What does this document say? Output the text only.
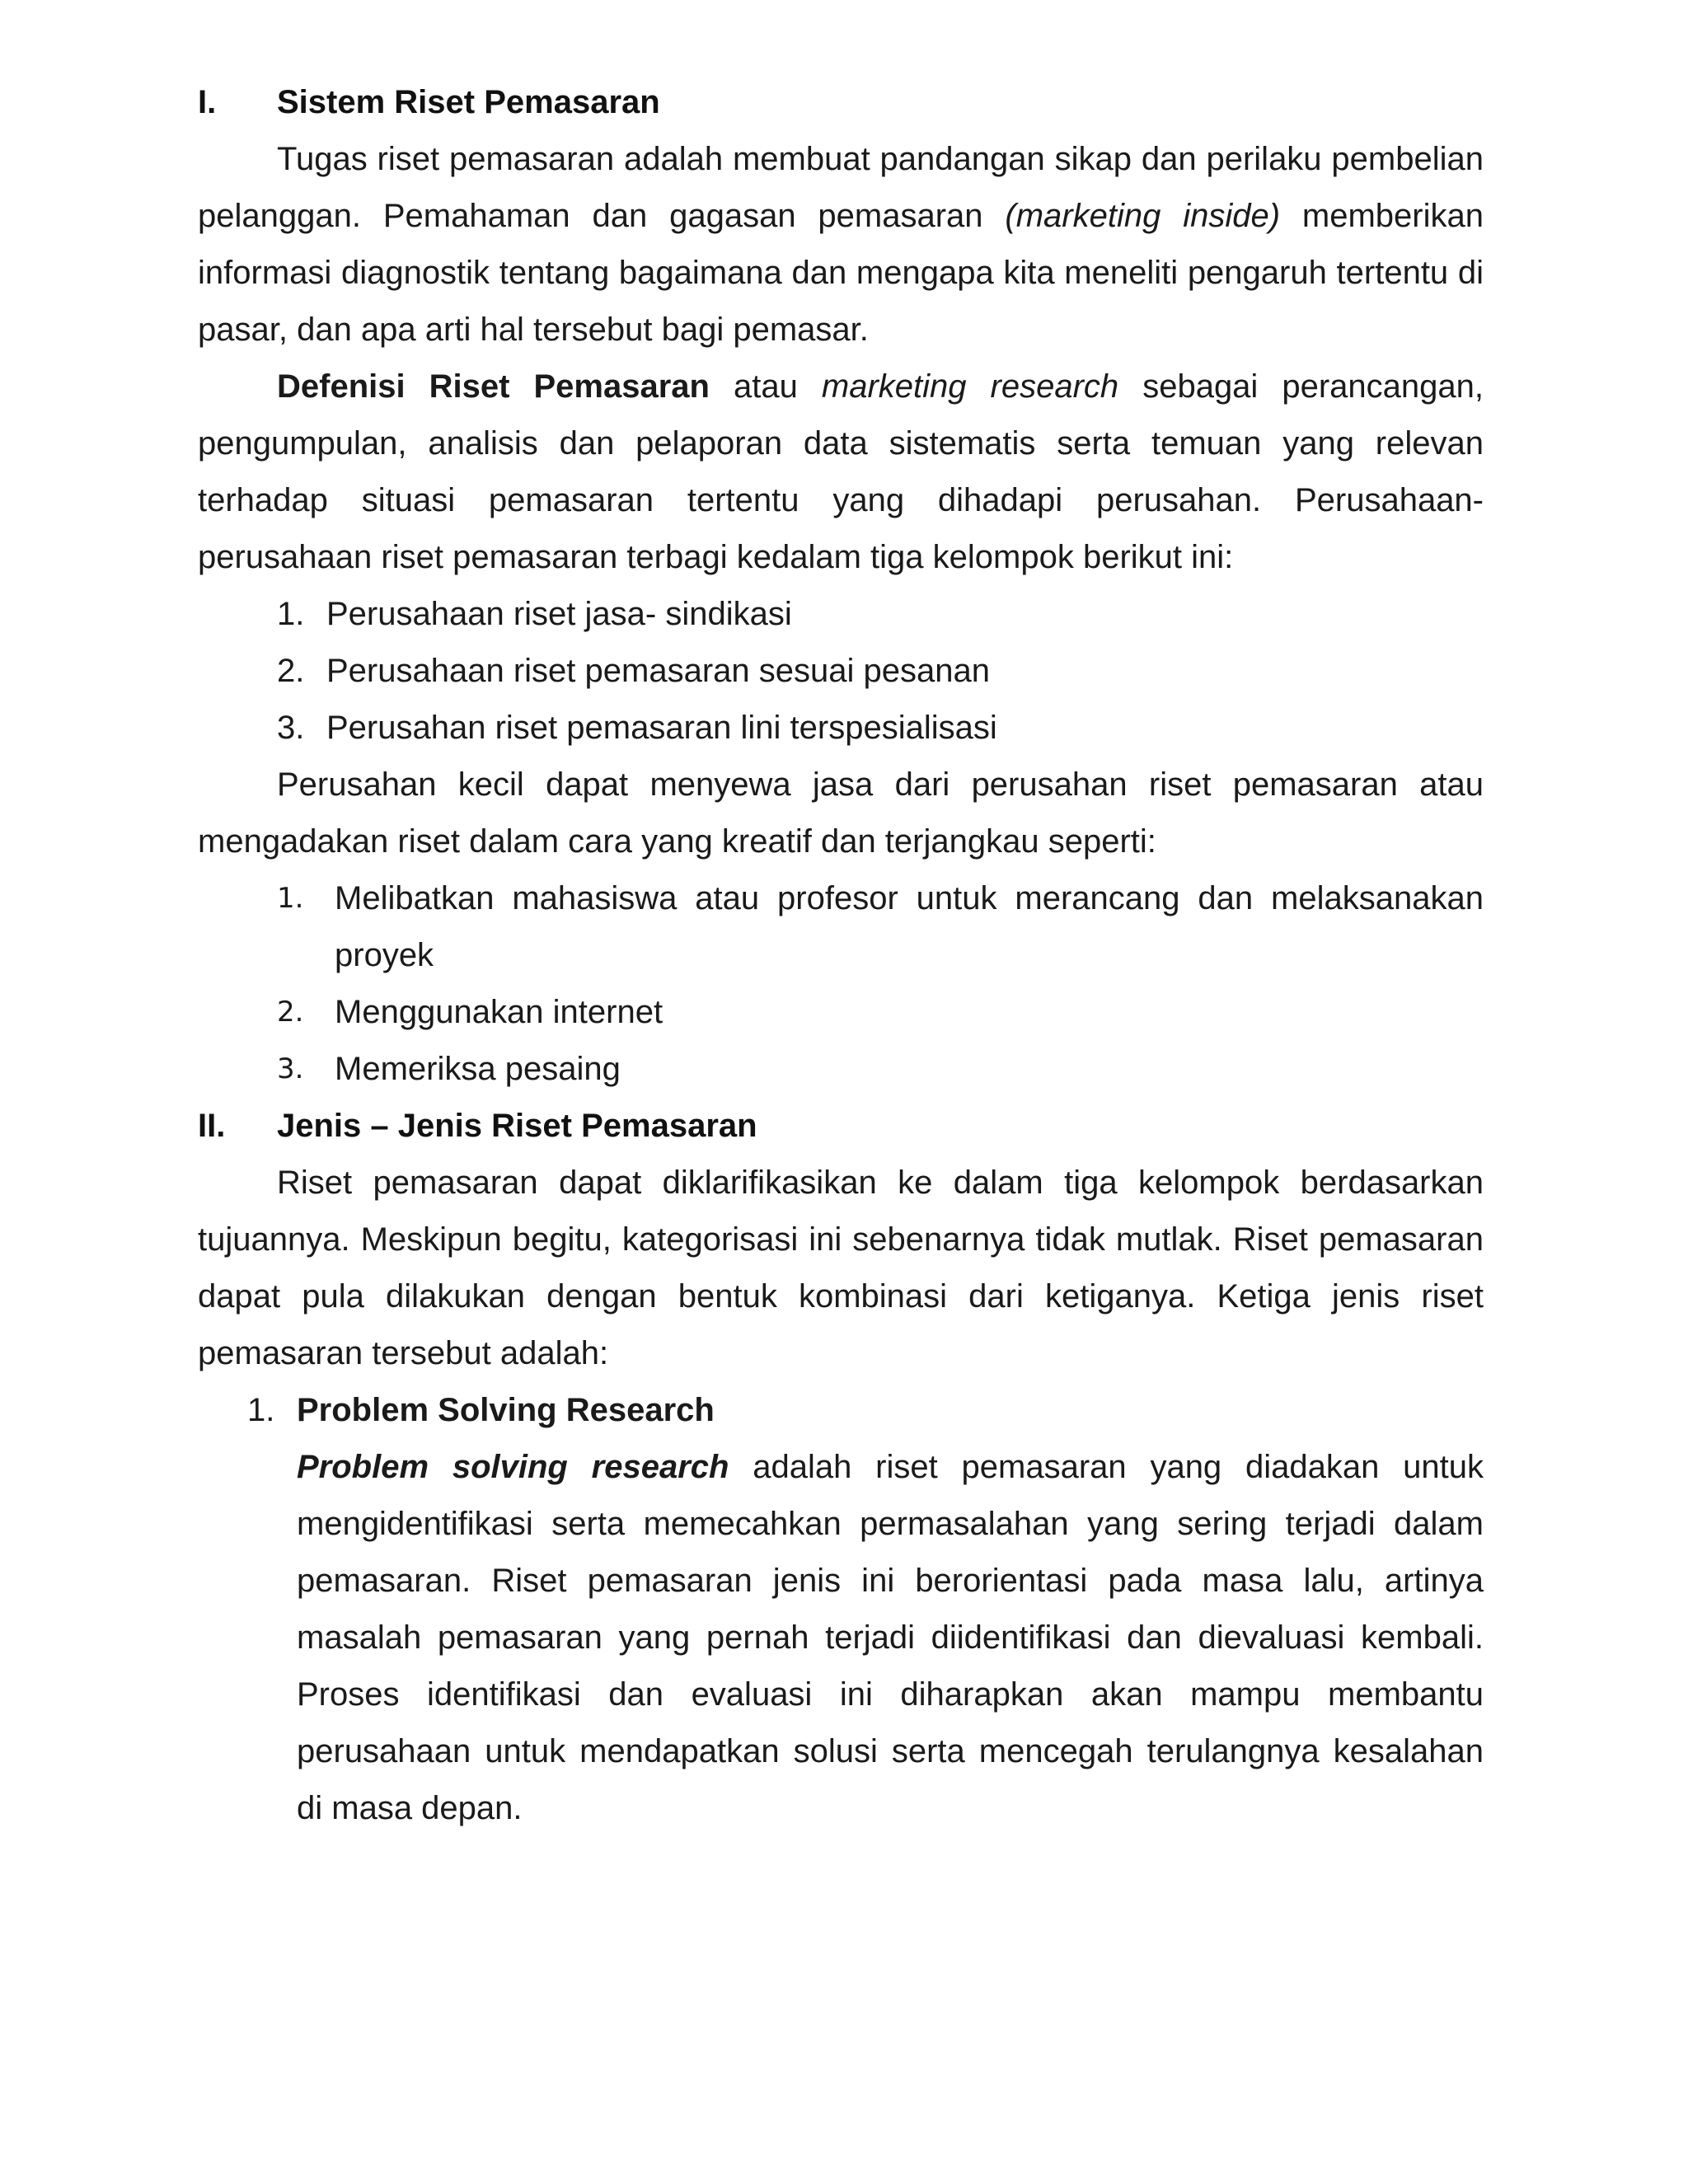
I.	Sistem Riset Pemasaran

Tugas riset pemasaran adalah membuat pandangan sikap dan perilaku pembelian pelanggan. Pemahaman dan gagasan pemasaran (marketing inside) memberikan informasi diagnostik tentang bagaimana dan mengapa kita meneliti pengaruh tertentu di pasar, dan apa arti hal tersebut bagi pemasar.

Defenisi Riset Pemasaran atau marketing research sebagai perancangan, pengumpulan, analisis dan pelaporan data sistematis serta temuan yang relevan terhadap situasi pemasaran tertentu yang dihadapi perusahan. Perusahaan-perusahaan riset pemasaran terbagi kedalam tiga kelompok berikut ini:

1. Perusahaan riset jasa- sindikasi
2. Perusahaan riset pemasaran sesuai pesanan
3. Perusahan riset pemasaran lini terspesialisasi

Perusahan kecil dapat menyewa jasa dari perusahan riset pemasaran atau mengadakan riset dalam cara yang kreatif dan terjangkau seperti:

1. Melibatkan mahasiswa atau profesor untuk merancang dan melaksanakan proyek
2. Menggunakan internet
3. Memeriksa pesaing
II.	Jenis – Jenis Riset Pemasaran

Riset pemasaran dapat diklarifikasikan ke dalam tiga kelompok berdasarkan tujuannya. Meskipun begitu, kategorisasi ini sebenarnya tidak mutlak. Riset pemasaran dapat pula dilakukan dengan bentuk kombinasi dari ketiganya. Ketiga jenis riset pemasaran tersebut adalah:

1. Problem Solving Research

Problem solving research adalah riset pemasaran yang diadakan untuk mengidentifikasi serta memecahkan permasalahan yang sering terjadi dalam pemasaran. Riset pemasaran jenis ini berorientasi pada masa lalu, artinya masalah pemasaran yang pernah terjadi diidentifikasi dan dievaluasi kembali. Proses identifikasi dan evaluasi ini diharapkan akan mampu membantu perusahaan untuk mendapatkan solusi serta mencegah terulangnya kesalahan di masa depan.
